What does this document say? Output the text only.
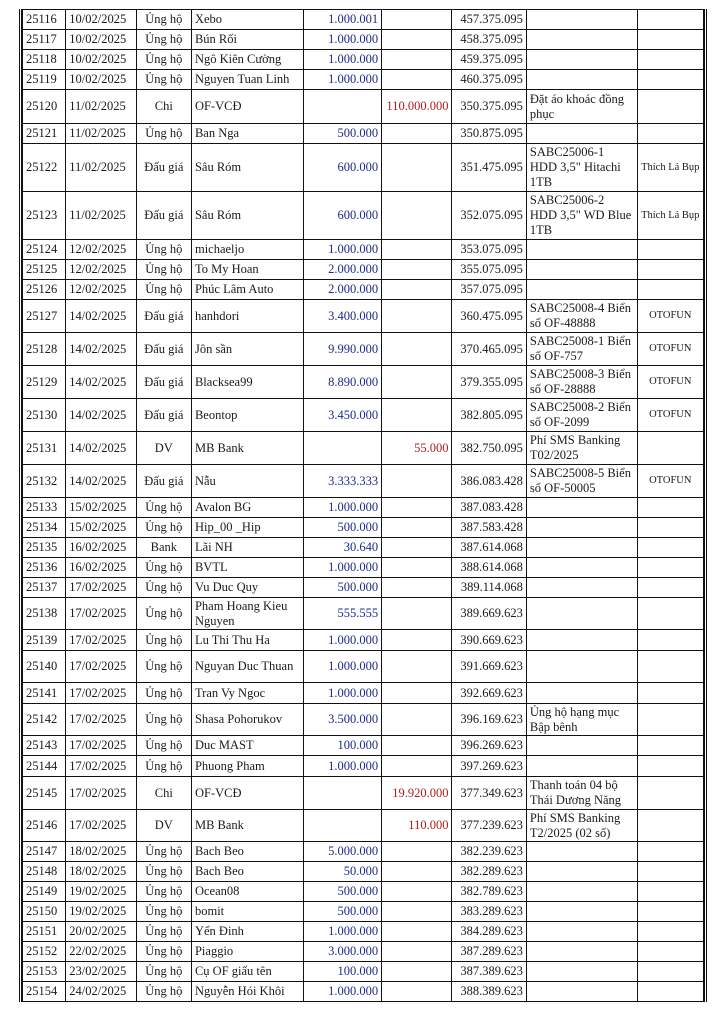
25116	10/02/2025	Ủng hộ	Xebo	1.000.001		457.375.095		
25117	10/02/2025	Ủng hộ	Bún Rối	1.000.000		458.375.095		
25118	10/02/2025	Ủng hộ	Ngô Kiên Cường	1.000.000		459.375.095		
25119	10/02/2025	Ủng hộ	Nguyen Tuan Linh	1.000.000		460.375.095		
25120	11/02/2025	Chi	OF-VCĐ		110.000.000	350.375.095	Đặt áo khoác đồng phục	
25121	11/02/2025	Ủng hộ	Ban Nga	500.000		350.875.095		
25122	11/02/2025	Đấu giá	Sâu Róm	600.000		351.475.095	SABC25006-1 HDD 3,5" Hitachi 1TB	Thích Lả Bụp
25123	11/02/2025	Đấu giá	Sâu Róm	600.000		352.075.095	SABC25006-2 HDD 3,5" WD Blue 1TB	Thích Lả Bụp
25124	12/02/2025	Ủng hộ	michaeljo	1.000.000		353.075.095		
25125	12/02/2025	Ủng hộ	To My Hoan	2.000.000		355.075.095		
25126	12/02/2025	Ủng hộ	Phúc Lâm Auto	2.000.000		357.075.095		
25127	14/02/2025	Đấu giá	hanhdori	3.400.000		360.475.095	SABC25008-4 Biển số OF-48888	OTOFUN
25128	14/02/2025	Đấu giá	Jôn sần	9.990.000		370.465.095	SABC25008-1 Biển số OF-757	OTOFUN
25129	14/02/2025	Đấu giá	Blacksea99	8.890.000		379.355.095	SABC25008-3 Biển số OF-28888	OTOFUN
25130	14/02/2025	Đấu giá	Beontop	3.450.000		382.805.095	SABC25008-2 Biển số OF-2099	OTOFUN
25131	14/02/2025	DV	MB Bank		55.000	382.750.095	Phí SMS Banking T02/2025	
25132	14/02/2025	Đấu giá	Nẫu	3.333.333		386.083.428	SABC25008-5 Biển số OF-50005	OTOFUN
25133	15/02/2025	Ủng hộ	Avalon BG	1.000.000		387.083.428		
25134	15/02/2025	Ủng hộ	Hip_00 _Hip	500.000		387.583.428		
25135	16/02/2025	Bank	Lãi NH	30.640		387.614.068		
25136	16/02/2025	Ủng hộ	BVTL	1.000.000		388.614.068		
25137	17/02/2025	Ủng hộ	Vu Duc Quy	500.000		389.114.068		
25138	17/02/2025	Ủng hộ	Pham Hoang Kieu Nguyen	555.555		389.669.623		
25139	17/02/2025	Ủng hộ	Lu Thi Thu Ha	1.000.000		390.669.623		
25140	17/02/2025	Ủng hộ	Nguyan Duc Thuan	1.000.000		391.669.623		
25141	17/02/2025	Ủng hộ	Tran Vy Ngoc	1.000.000		392.669.623		
25142	17/02/2025	Ủng hộ	Shasa Pohorukov	3.500.000		396.169.623	Ủng hộ hạng mục Bập bênh	
25143	17/02/2025	Ủng hộ	Duc MAST	100.000		396.269.623		
25144	17/02/2025	Ủng hộ	Phuong Pham	1.000.000		397.269.623		
25145	17/02/2025	Chi	OF-VCĐ		19.920.000	377.349.623	Thanh toán 04 bộ Thái Dương Năng	
25146	17/02/2025	DV	MB Bank		110.000	377.239.623	Phí SMS Banking T2/2025 (02 số)	
25147	18/02/2025	Ủng hộ	Bach Beo	5.000.000		382.239.623		
25148	18/02/2025	Ủng hộ	Bach Beo	50.000		382.289.623		
25149	19/02/2025	Ủng hộ	Ocean08	500.000		382.789.623		
25150	19/02/2025	Ủng hộ	bomit	500.000		383.289.623		
25151	20/02/2025	Ủng hộ	Yến Đinh	1.000.000		384.289.623		
25152	22/02/2025	Ủng hộ	Piaggio	3.000.000		387.289.623		
25153	23/02/2025	Ủng hộ	Cụ OF giấu tên	100.000		387.389.623		
25154	24/02/2025	Ủng hộ	Nguyễn Hói Khôi	1.000.000		388.389.623		
